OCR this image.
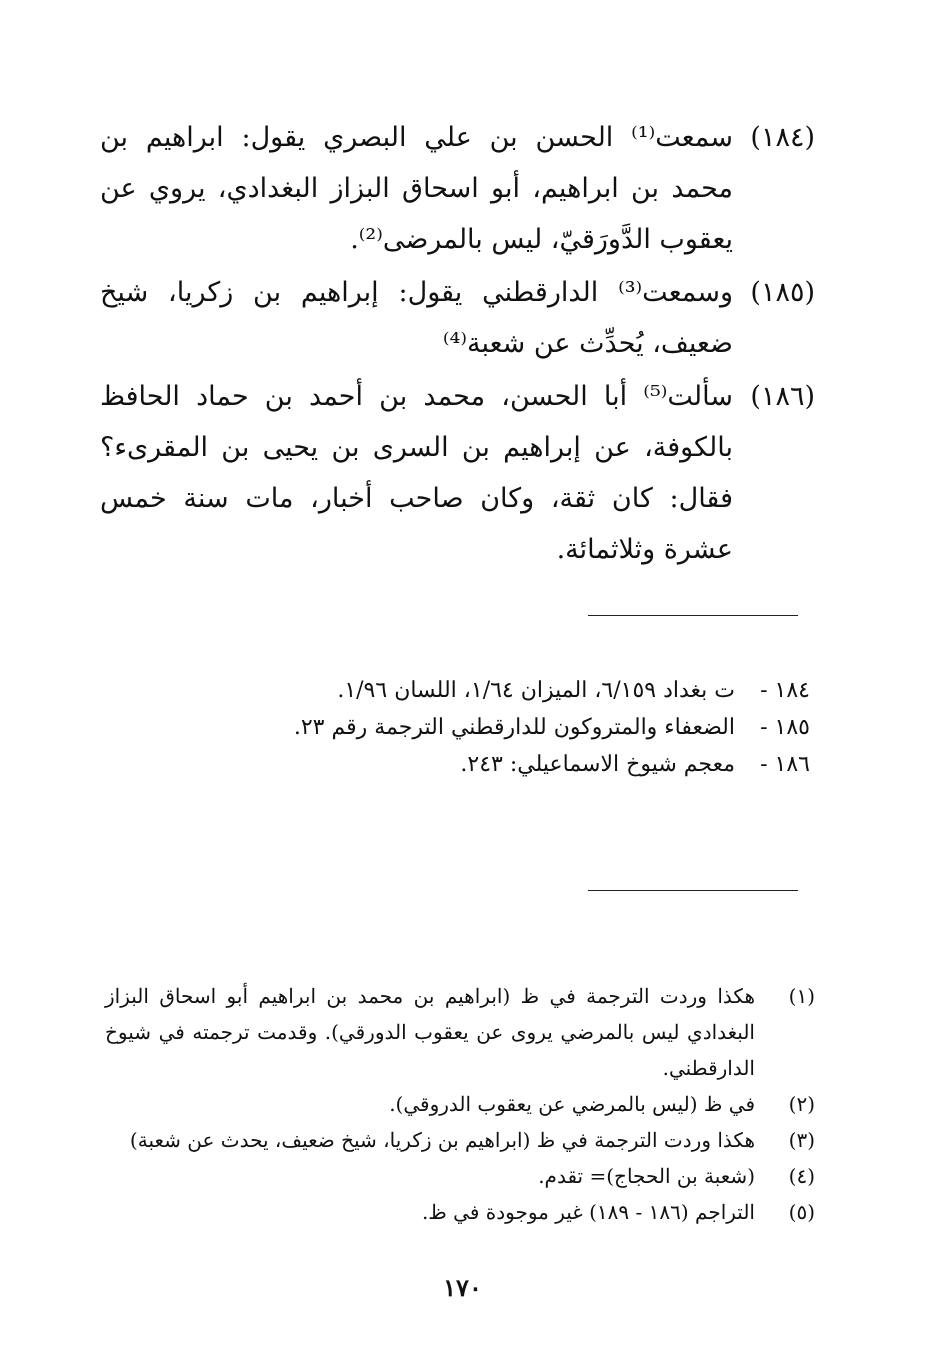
(١٨٤)
سمعت⁽¹⁾ الحسن بن علي البصري يقول: ابراهيم بن محمد بن ابراهيم، أبو اسحاق البزاز البغدادي، يروي عن يعقوب الدَّورَقيّ، ليس بالمرضى⁽²⁾.
(١٨٥)
وسمعت⁽³⁾ الدارقطني يقول: إبراهيم بن زكريا، شيخ ضعيف، يُحدِّث عن شعبة⁽⁴⁾
(١٨٦)
سألت⁽⁵⁾ أبا الحسن، محمد بن أحمد بن حماد الحافظ بالكوفة، عن إبراهيم بن السرى بن يحيى بن المقرىء؟ فقال: كان ثقة، وكان صاحب أخبار، مات سنة خمس عشرة وثلاثمائة.
١٨٤ -
ت بغداد ٦/١٥٩، الميزان ١/٦٤، اللسان ١/٩٦.
١٨٥ -
الضعفاء والمتروكون للدارقطني الترجمة رقم ٢٣.
١٨٦ -
معجم شيوخ الاسماعيلي: ٢٤٣.
(١)
هكذا وردت الترجمة في ظ (ابراهيم بن محمد بن ابراهيم أبو اسحاق البزاز البغدادي ليس بالمرضي يروى عن يعقوب الدورقي). وقدمت ترجمته في شيوخ الدارقطني.
(٢)
في ظ (ليس بالمرضي عن يعقوب الدروقي).
(٣)
هكذا وردت الترجمة في ظ (ابراهيم بن زكريا، شيخ ضعيف، يحدث عن شعبة)
(٤)
(شعبة بن الحجاج)= تقدم.
(٥)
التراجم (١٨٦ - ١٨٩) غير موجودة في ظ.
١٧٠
